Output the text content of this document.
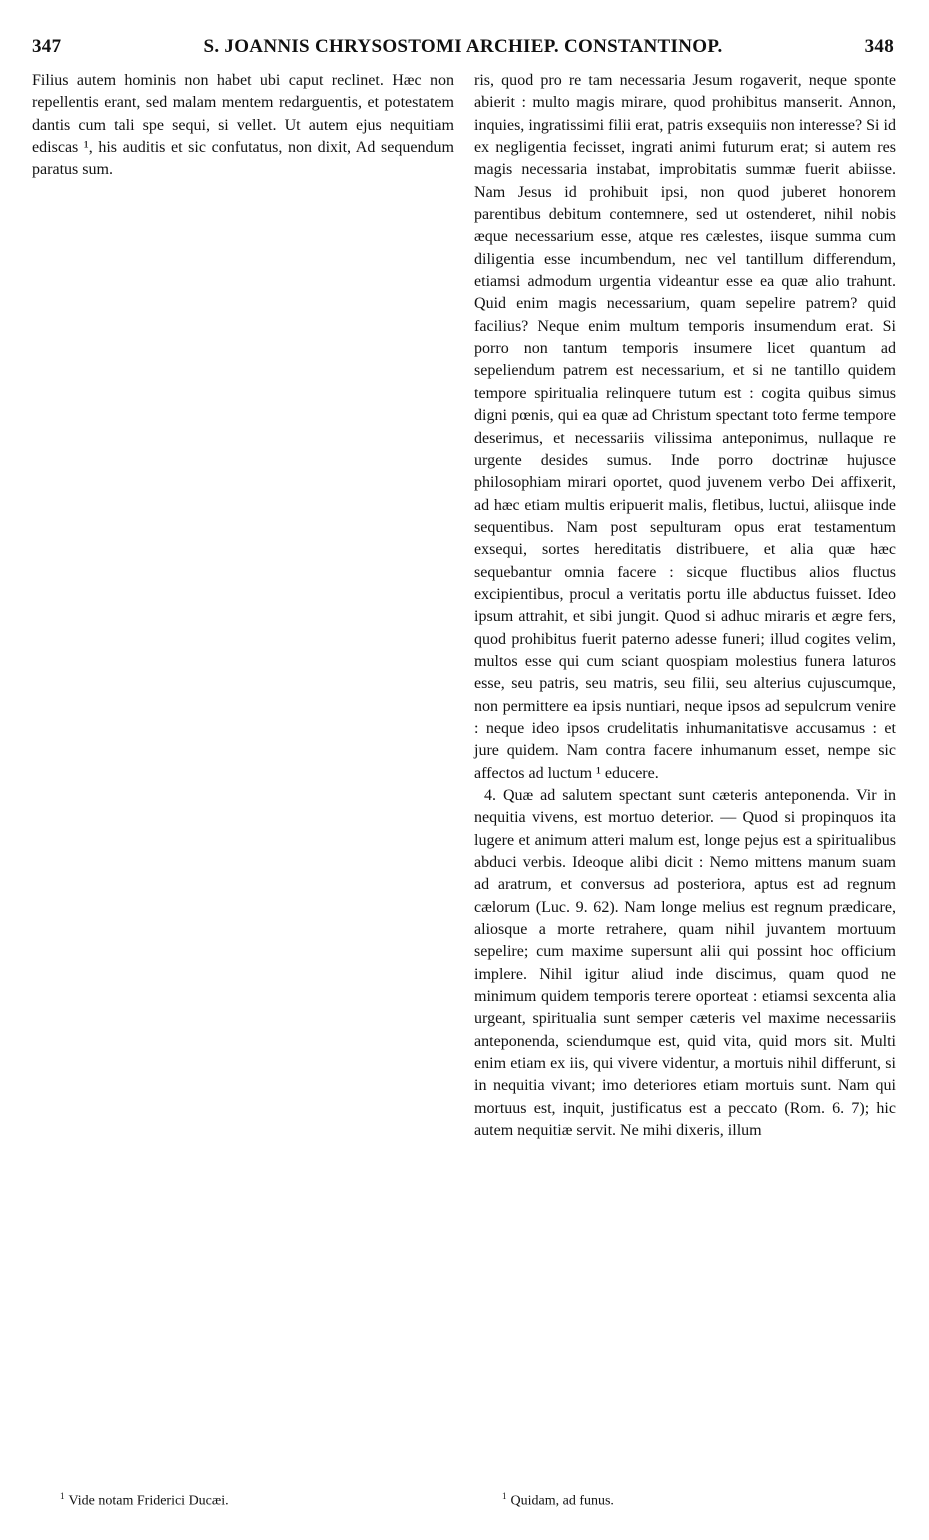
347	S. JOANNIS CHRYSOSTOMI ARCHIEP. CONSTANTINOP.	348

Filius autem hominis non habet ubi caput reclinet. Hæc non repellentis erant, sed malam mentem redarguentis, et potestatem dantis cum tali spe sequi, si vellet. Ut autem ejus nequitiam ediscas ¹, his auditis et sic confutatus, non dixit, Ad sequendum paratus sum.

ris, quod pro re tam necessaria Jesum rogaverit, neque sponte abierit : multo magis mirare, quod prohibitus manserit. Annon, inquies, ingratissimi filii erat, patris exsequiis non interesse? Si id ex negligentia fecisset, ingrati animi futurum erat; si autem res magis necessaria instabat, improbitatis summæ fuerit abiisse. Nam Jesus id prohibuit ipsi, non quod juberet honorem parentibus debitum contemnere, sed ut ostenderet, nihil nobis æque necessarium esse, atque res cælestes, iisque summa cum diligentia esse incumbendum, nec vel tantillum differendum, etiamsi admodum urgentia videantur esse ea quæ alio trahunt. Quid enim magis necessarium, quam sepelire patrem? quid facilius? Neque enim multum temporis insumendum erat. Si porro non tantum temporis insumere licet quantum ad sepeliendum patrem est necessarium, et si ne tantillo quidem tempore spiritualia relinquere tutum est : cogita quibus simus digni pœnis, qui ea quæ ad Christum spectant toto ferme tempore deserimus, et necessariis vilissima anteponimus, nullaque re urgente desides sumus. Inde porro doctrinæ hujusce philosophiam mirari oportet, quod juvenem verbo Dei affixerit, ad hæc etiam multis eripuerit malis, fletibus, luctui, aliisque inde sequentibus. Nam post sepulturam opus erat testamentum exsequi, sortes hereditatis distribuere, et alia quæ hæc sequebantur omnia facere : sicque fluctibus alios fluctus excipientibus, procul a veritatis portu ille abductus fuisset. Ideo ipsum attrahit, et sibi jungit. Quod si adhuc miraris et ægre fers, quod prohibitus fuerit paterno adesse funeri; illud cogites velim, multos esse qui cum sciant quospiam molestius funera laturos esse, seu patris, seu matris, seu filii, seu alterius cujuscumque, non permittere ea ipsis nuntiari, neque ipsos ad sepulcrum venire : neque ideo ipsos crudelitatis inhumanitatisve accusamus : et jure quidem. Nam contra facere inhumanum esset, nempe sic affectos ad luctum ¹ educere.

4. Quæ ad salutem spectant sunt cæteris anteponenda. Vir in nequitia vivens, est mortuo deterior. — Quod si propinquos ita lugere et animum atteri malum est, longe pejus est a spiritualibus abduci verbis. Ideoque alibi dicit : Nemo mittens manum suam ad aratrum, et conversus ad posteriora, aptus est ad regnum cælorum (Luc. 9. 62). Nam longe melius est regnum prædicare, aliosque a morte retrahere, quam nihil juvantem mortuum sepelire; cum maxime supersunt alii qui possint hoc officium implere. Nihil igitur aliud inde discimus, quam quod ne minimum quidem temporis terere oporteat : etiamsi sexcenta alia urgeant, spiritualia sunt semper cæteris vel maxime necessariis anteponenda, sciendumque est, quid vita, quid mors sit. Multi enim etiam ex iis, qui vivere videntur, a mortuis nihil differunt, si in nequitia vivant; imo deteriores etiam mortuis sunt. Nam qui mortuus est, inquit, justificatus est a peccato (Rom. 6. 7); hic autem nequitiæ servit. Ne mihi dixeris, illum

$^1$ Vide notam Friderici Ducæi.	$^1$ Quidam, ad funus.
